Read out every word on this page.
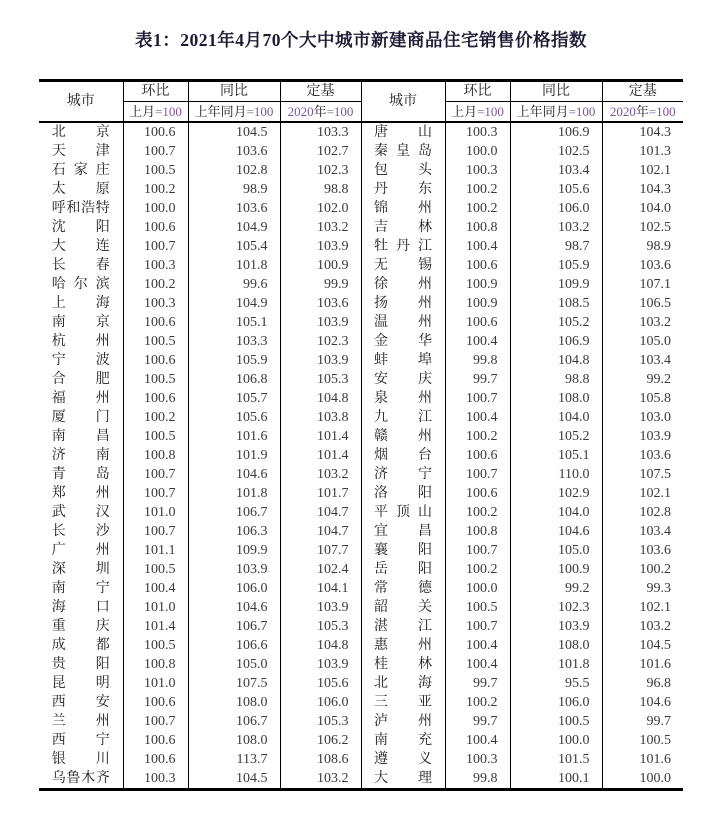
表1：2021年4月70个大中城市新建商品住宅销售价格指数
城市	环比	同比	定基	城市	环比	同比	定基
	上月=100	上年同月=100	2020年=100		上月=100	上年同月=100	2020年=100

北京	100.6	104.5	103.3	唐山	100.3	106.9	104.3

天津	100.7	103.6	102.7	秦皇岛	100.0	102.5	101.3

石家庄	100.5	102.8	102.3	包头	100.3	103.4	102.1

太原	100.2	98.9	98.8	丹东	100.2	105.6	104.3

呼和浩特	100.0	103.6	102.0	锦州	100.2	106.0	104.0

沈阳	100.6	104.9	103.2	吉林	100.8	103.2	102.5

大连	100.7	105.4	103.9	牡丹江	100.4	98.7	98.9

长春	100.3	101.8	100.9	无锡	100.6	105.9	103.6

哈尔滨	100.2	99.6	99.9	徐州	100.9	109.9	107.1

上海	100.3	104.9	103.6	扬州	100.9	108.5	106.5

南京	100.6	105.1	103.9	温州	100.6	105.2	103.2

杭州	100.5	103.3	102.3	金华	100.4	106.9	105.0

宁波	100.6	105.9	103.9	蚌埠	99.8	104.8	103.4

合肥	100.5	106.8	105.3	安庆	99.7	98.8	99.2

福州	100.6	105.7	104.8	泉州	100.7	108.0	105.8

厦门	100.2	105.6	103.8	九江	100.4	104.0	103.0

南昌	100.5	101.6	101.4	赣州	100.2	105.2	103.9

济南	100.8	101.9	101.4	烟台	100.6	105.1	103.6

青岛	100.7	104.6	103.2	济宁	100.7	110.0	107.5

郑州	100.7	101.8	101.7	洛阳	100.6	102.9	102.1

武汉	101.0	106.7	104.7	平顶山	100.2	104.0	102.8

长沙	100.7	106.3	104.7	宜昌	100.8	104.6	103.4

广州	101.1	109.9	107.7	襄阳	100.7	105.0	103.6

深圳	100.5	103.9	102.4	岳阳	100.2	100.9	100.2

南宁	100.4	106.0	104.1	常德	100.0	99.2	99.3

海口	101.0	104.6	103.9	韶关	100.5	102.3	102.1

重庆	101.4	106.7	105.3	湛江	100.7	103.9	103.2

成都	100.5	106.6	104.8	惠州	100.4	108.0	104.5

贵阳	100.8	105.0	103.9	桂林	100.4	101.8	101.6

昆明	101.0	107.5	105.6	北海	99.7	95.5	96.8

西安	100.6	108.0	106.0	三亚	100.2	106.0	104.6

兰州	100.7	106.7	105.3	泸州	99.7	100.5	99.7

西宁	100.6	108.0	106.2	南充	100.4	100.0	100.5

银川	100.6	113.7	108.6	遵义	100.3	101.5	101.6

乌鲁木齐	100.3	104.5	103.2	大理	99.8	100.1	100.0
